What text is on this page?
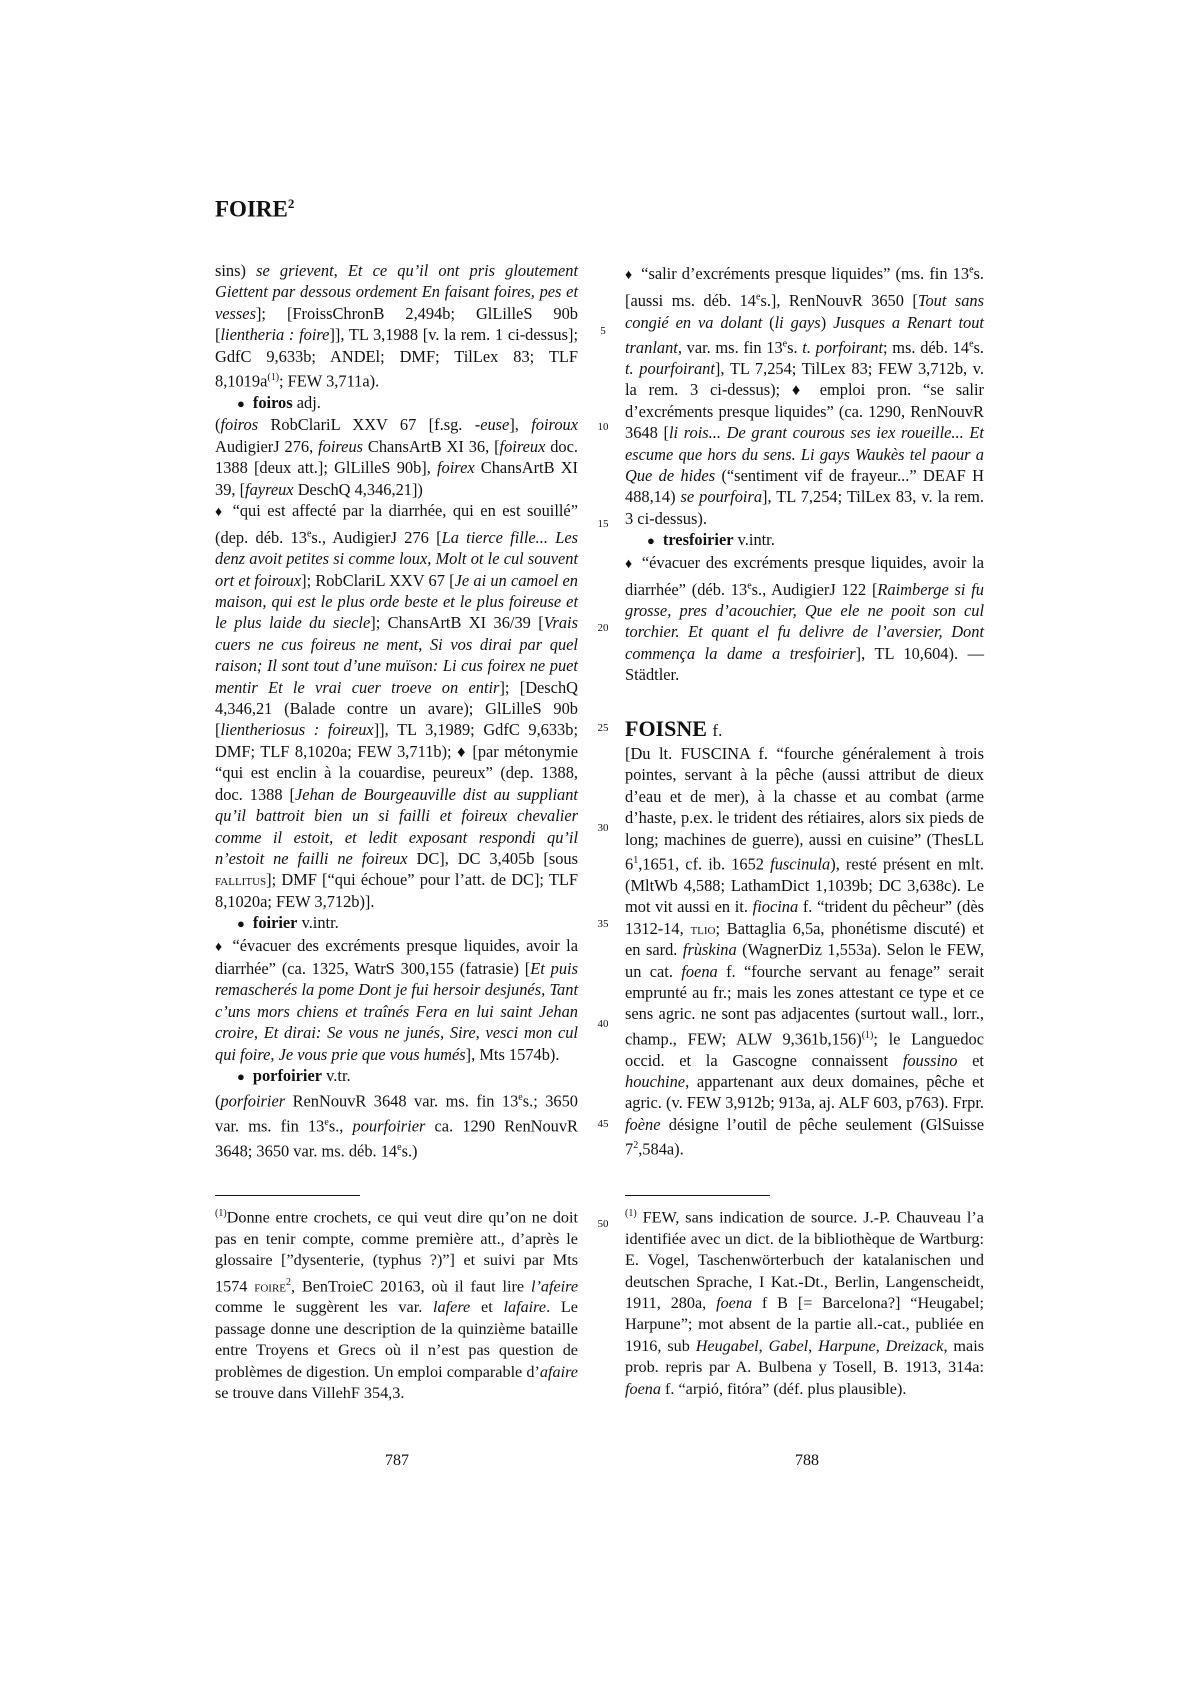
FOIRE$^2$
5
10
15
20
25
30
35
40
45
50

sins) se grievent, Et ce qu’il ont pris gloutement Giettent par dessous ordement En faisant foires, pes et vesses]; [FroissChronB 2,494b; GlLilleS 90b [lientheria : foire]], TL 3,1988 [v. la rem. 1 ci-dessus]; GdfC 9,633b; ANDEl; DMF; TilLex 83; TLF $8,1019a^{(1)}$; FEW 3,711a).

● foiros adj.

(foiros RobClariL XXV 67 [f.sg. -euse], foiroux AudigierJ 276, foireus ChansArtB XI 36, [foireux doc. 1388 [deux att.]; GlLilleS 90b], foirex ChansArtB XI 39, [fayreux DeschQ 4,346,21])

♦ “qui est affecté par la diarrhée, qui en est souillé” (dep. déb. 13es., AudigierJ 276 [La tierce fille... Les denz avoit petites si comme loux, Molt ot le cul souvent ort et foiroux]; RobClariL XXV 67 [Je ai un camoel en maison, qui est le plus orde beste et le plus foireuse et le plus laide du siecle]; ChansArtB XI 36/39 [Vrais cuers ne cus foireus ne ment, Si vos dirai par quel raison; Il sont tout d’une muïson: Li cus foirex ne puet mentir Et le vrai cuer troeve on entir]; [DeschQ 4,346,21 (Balade contre un avare); GlLilleS 90b [lientheriosus : foireux]], TL 3,1989; GdfC 9,633b; DMF; TLF 8,1020a; FEW 3,711b); ♦ [par métonymie “qui est enclin à la couardise, peureux” (dep. 1388, doc. 1388 [Jehan de Bourgeauville dist au suppliant qu’il battroit bien un si failli et foireux chevalier comme il estoit, et ledit exposant respondi qu’il n’estoit ne failli ne foireux DC], DC 3,405b [sous fallitus]; DMF [“qui échoue” pour l’att. de DC]; TLF 8,1020a; FEW 3,712b)].

● foirier v.intr.

♦ “évacuer des excréments presque liquides, avoir la diarrhée” (ca. 1325, WatrS 300,155 (fatrasie) [Et puis remascherés la pome Dont je fui hersoir desjunés, Tant c’uns mors chiens et traînés Fera en lui saint Jehan croire, Et dirai: Se vous ne junés, Sire, vesci mon cul qui foire, Je vous prie que vous humés], Mts 1574b).

● porfoirier v.tr.

(porfoirier RenNouvR 3648 var. ms. fin 13es.; 3650 var. ms. fin 13es., pourfoirier ca. 1290 RenNouvR 3648; 3650 var. ms. déb. 14es.)

♦ “salir d’excréments presque liquides” (ms. fin 13es. [aussi ms. déb. 14es.], RenNouvR 3650 [Tout sans congié en va dolant (li gays) Jusques a Renart tout tranlant, var. ms. fin 13es. t. porfoirant; ms. déb. 14es. t. pourfoirant], TL 7,254; TilLex 83; FEW 3,712b, v. la rem. 3 ci-dessus); ♦ emploi pron. “se salir d’excréments presque liquides” (ca. 1290, RenNouvR 3648 [li rois... De grant courous ses iex roueille... Et escume que hors du sens. Li gays Waukès tel paour a Que de hides (“sentiment vif de frayeur...” DEAF H 488,14) se pourfoira], TL 7,254; TilLex 83, v. la rem. 3 ci-dessus).

● tresfoirier v.intr.

♦ “évacuer des excréments presque liquides, avoir la diarrhée” (déb. 13es., AudigierJ 122 [Raimberge si fu grosse, pres d’acouchier, Que ele ne pooit son cul torchier. Et quant el fu delivre de l’aversier, Dont commença la dame a tresfoirier], TL 10,604). — Städtler.

FOISNE f.

[Du lt. FUSCINA f. “fourche généralement à trois pointes, servant à la pêche (aussi attribut de dieux d’eau et de mer), à la chasse et au combat (arme d’haste, p.ex. le trident des rétiaires, alors six pieds de long; machines de guerre), aussi en cuisine” (ThesLL $6^1,1651$, cf. ib. 1652 fuscinula), resté présent en mlt. (MltWb 4,588; LathamDict 1,1039b; DC 3,638c). Le mot vit aussi en it. fiocina f. “trident du pêcheur” (dès 1312-14, tlio; Battaglia 6,5a, phonétisme discuté) et en sard. frùskina (WagnerDiz 1,553a). Selon le FEW, un cat. foena f. “fourche servant au fenage” serait emprunté au fr.; mais les zones attestant ce type et ce sens agric. ne sont pas adjacentes (surtout wall., lorr., champ., FEW; ALW 9,361b,156)$^{(1)}$; le Languedoc occid. et la Gascogne connaissent foussino et houchine, appartenant aux deux domaines, pêche et agric. (v. FEW 3,912b; 913a, aj. ALF 603, p763). Frpr. foène désigne l’outil de pêche seulement (GlSuisse $7^2,584a$).

$^{(1)}$Donne entre crochets, ce qui veut dire qu’on ne doit pas en tenir compte, comme première att., d’après le glossaire [”dysenterie, (typhus ?)”] et suivi par Mts 1574 foire$^2$, BenTroieC 20163, où il faut lire l’afeire comme le suggèrent les var. lafere et lafaire. Le passage donne une description de la quinzième bataille entre Troyens et Grecs où il n’est pas question de problèmes de digestion. Un emploi comparable d’afaire se trouve dans VillehF 354,3.
$^{(1)}$ FEW, sans indication de source. J.-P. Chauveau l’a identifiée avec un dict. de la bibliothèque de Wartburg: E. Vogel, Taschenwörterbuch der katalanischen und deutschen Sprache, I Kat.-Dt., Berlin, Langenscheidt, 1911, 280a, foena f B [= Barcelona?] “Heugabel; Harpune”; mot absent de la partie all.-cat., publiée en 1916, sub Heugabel, Gabel, Harpune, Dreizack, mais prob. repris par A. Bulbena y Tosell, B. 1913, 314a: foena f. “arpió, fitóra” (déf. plus plausible).
787	788
